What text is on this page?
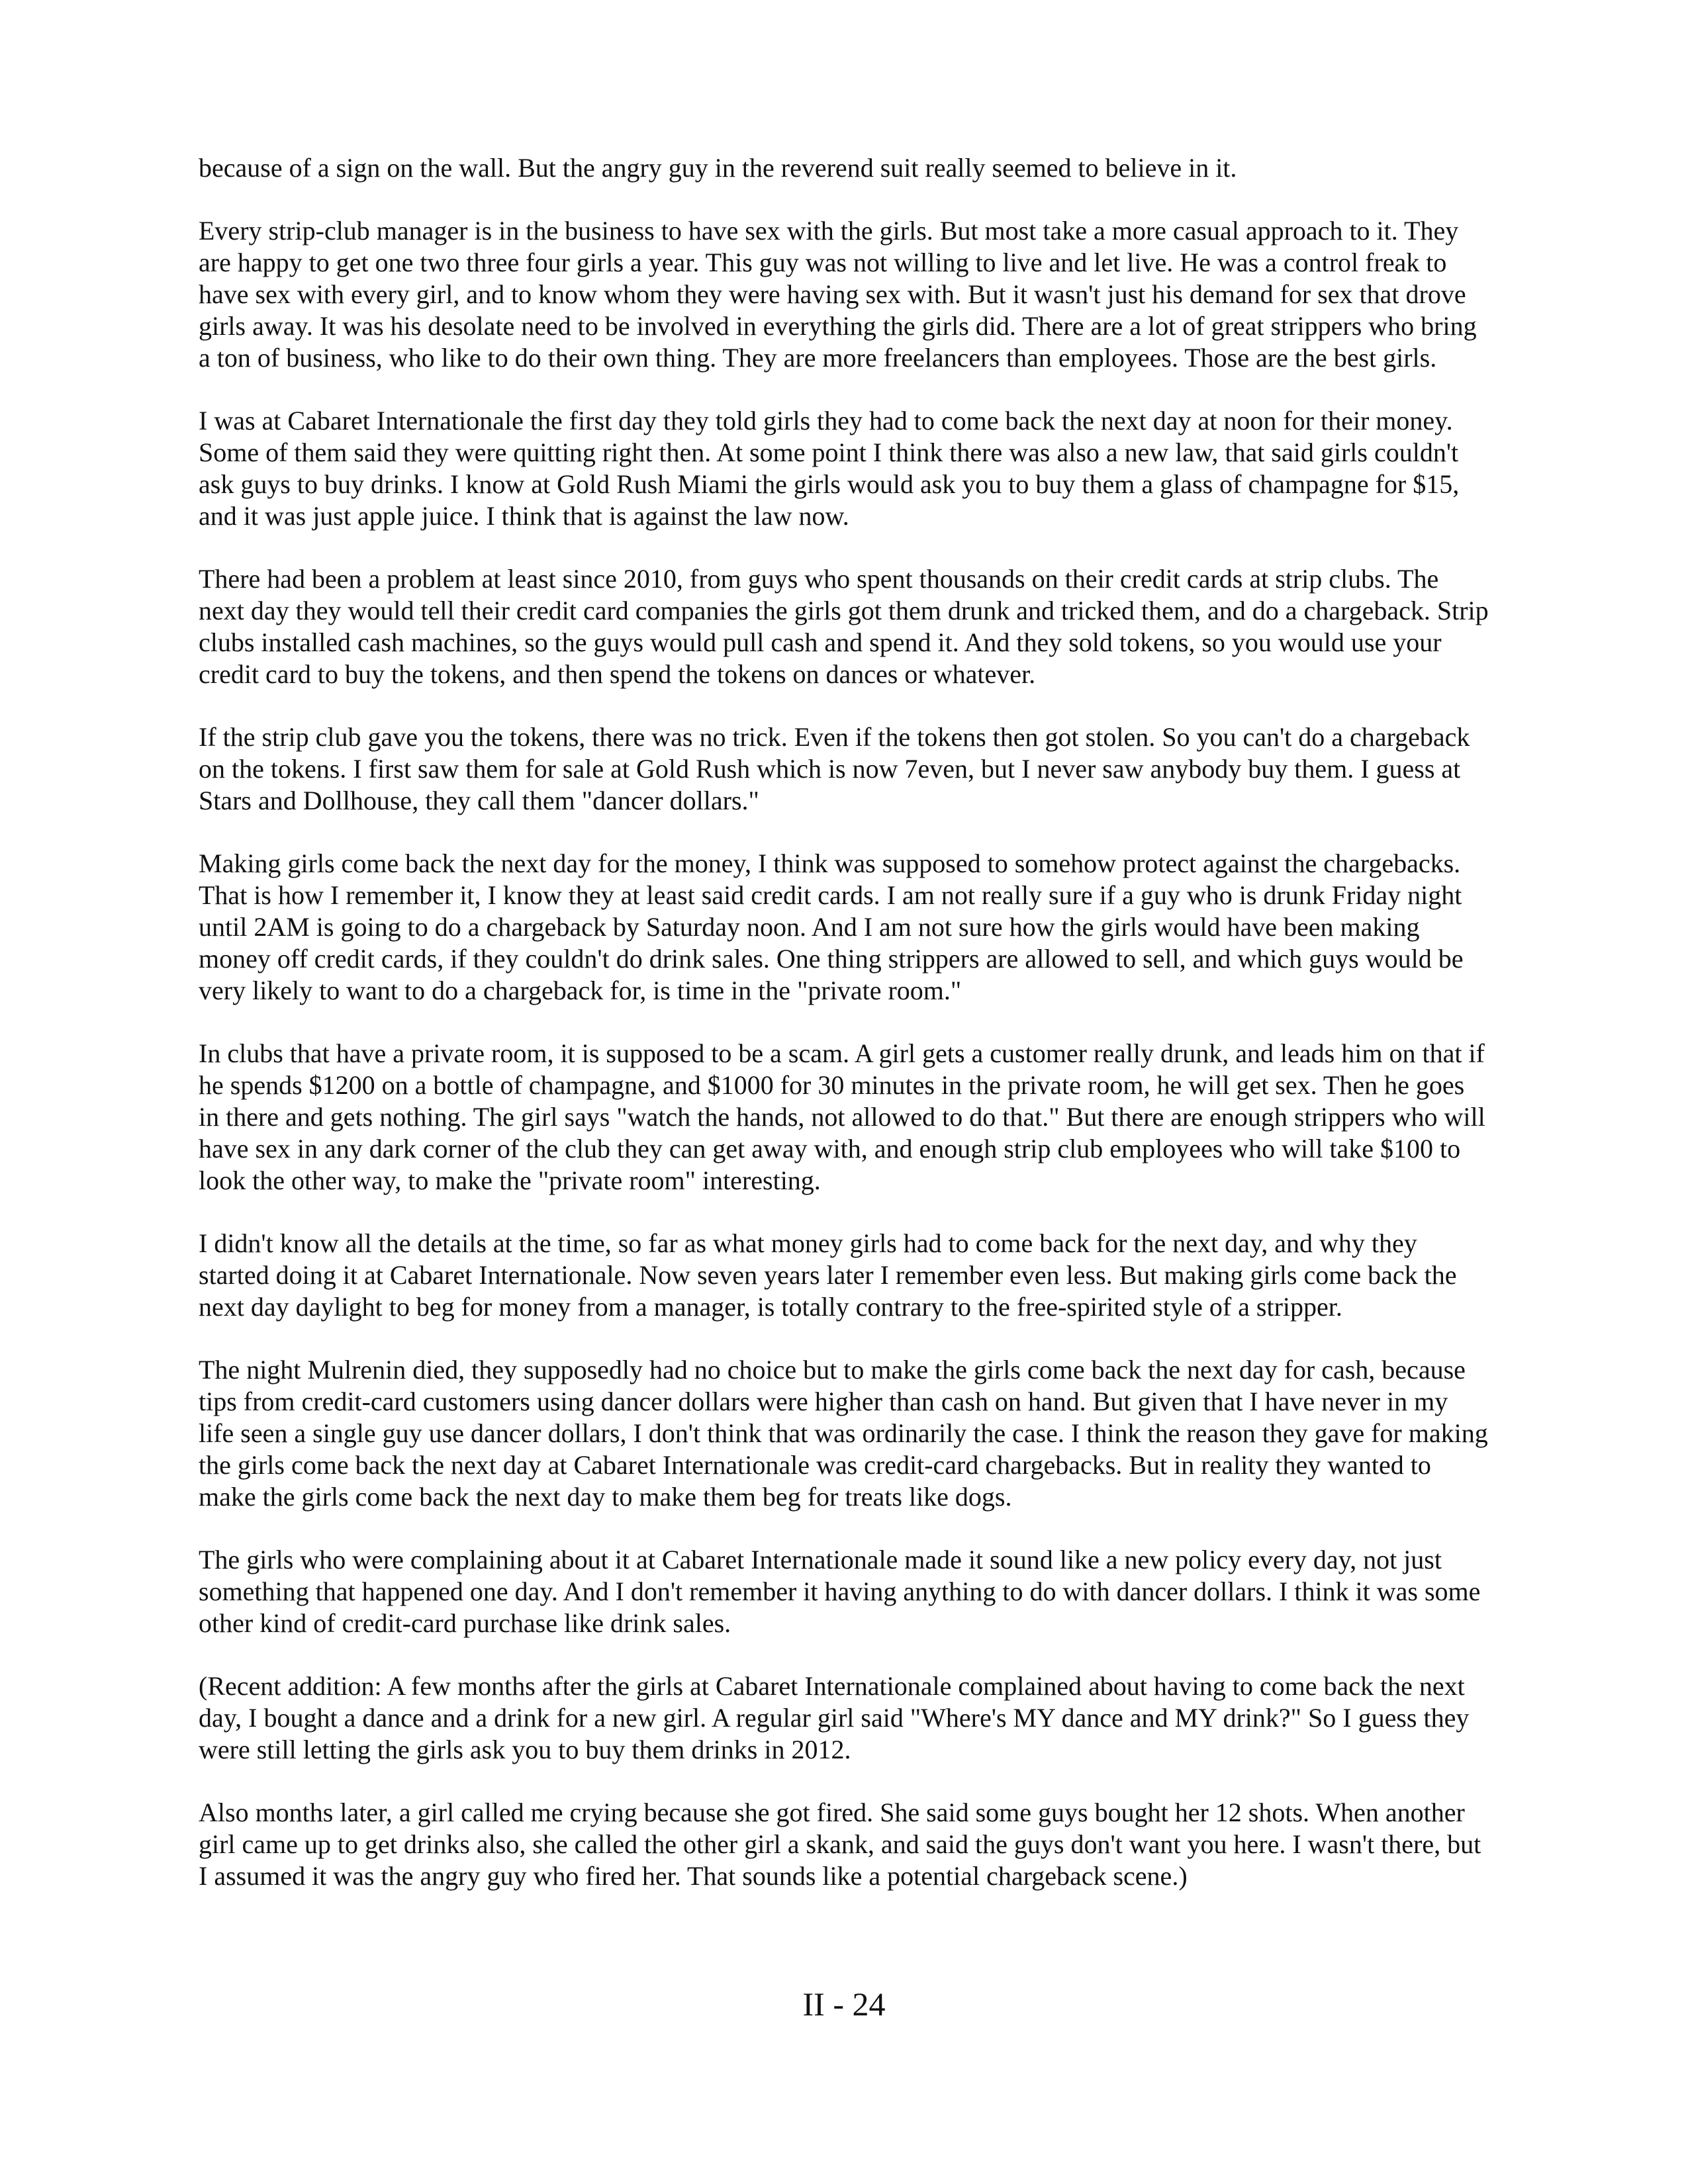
because of a sign on the wall. But the angry guy in the reverend suit really seemed to believe in it.

Every strip-club manager is in the business to have sex with the girls. But most take a more casual approach to it. They are happy to get one two three four girls a year. This guy was not willing to live and let live. He was a control freak to have sex with every girl, and to know whom they were having sex with. But it wasn't just his demand for sex that drove girls away. It was his desolate need to be involved in everything the girls did. There are a lot of great strippers who bring a ton of business, who like to do their own thing. They are more freelancers than employees. Those are the best girls.

I was at Cabaret Internationale the first day they told girls they had to come back the next day at noon for their money. Some of them said they were quitting right then. At some point I think there was also a new law, that said girls couldn't ask guys to buy drinks. I know at Gold Rush Miami the girls would ask you to buy them a glass of champagne for $15, and it was just apple juice. I think that is against the law now.

There had been a problem at least since 2010, from guys who spent thousands on their credit cards at strip clubs. The next day they would tell their credit card companies the girls got them drunk and tricked them, and do a chargeback. Strip clubs installed cash machines, so the guys would pull cash and spend it. And they sold tokens, so you would use your credit card to buy the tokens, and then spend the tokens on dances or whatever.

If the strip club gave you the tokens, there was no trick. Even if the tokens then got stolen. So you can't do a chargeback on the tokens. I first saw them for sale at Gold Rush which is now 7even, but I never saw anybody buy them. I guess at Stars and Dollhouse, they call them "dancer dollars."

Making girls come back the next day for the money, I think was supposed to somehow protect against the chargebacks. That is how I remember it, I know they at least said credit cards. I am not really sure if a guy who is drunk Friday night until 2AM is going to do a chargeback by Saturday noon. And I am not sure how the girls would have been making money off credit cards, if they couldn't do drink sales. One thing strippers are allowed to sell, and which guys would be very likely to want to do a chargeback for, is time in the "private room."

In clubs that have a private room, it is supposed to be a scam. A girl gets a customer really drunk, and leads him on that if he spends $1200 on a bottle of champagne, and $1000 for 30 minutes in the private room, he will get sex. Then he goes in there and gets nothing. The girl says "watch the hands, not allowed to do that." But there are enough strippers who will have sex in any dark corner of the club they can get away with, and enough strip club employees who will take $100 to look the other way, to make the "private room" interesting.

I didn't know all the details at the time, so far as what money girls had to come back for the next day, and why they started doing it at Cabaret Internationale. Now seven years later I remember even less. But making girls come back the next day daylight to beg for money from a manager, is totally contrary to the free-spirited style of a stripper.

The night Mulrenin died, they supposedly had no choice but to make the girls come back the next day for cash, because tips from credit-card customers using dancer dollars were higher than cash on hand. But given that I have never in my life seen a single guy use dancer dollars, I don't think that was ordinarily the case. I think the reason they gave for making the girls come back the next day at Cabaret Internationale was credit-card chargebacks. But in reality they wanted to make the girls come back the next day to make them beg for treats like dogs.

The girls who were complaining about it at Cabaret Internationale made it sound like a new policy every day, not just something that happened one day. And I don't remember it having anything to do with dancer dollars. I think it was some other kind of credit-card purchase like drink sales.

(Recent addition: A few months after the girls at Cabaret Internationale complained about having to come back the next day, I bought a dance and a drink for a new girl. A regular girl said "Where's MY dance and MY drink?" So I guess they were still letting the girls ask you to buy them drinks in 2012.

Also months later, a girl called me crying because she got fired. She said some guys bought her 12 shots. When another girl came up to get drinks also, she called the other girl a skank, and said the guys don't want you here. I wasn't there, but I assumed it was the angry guy who fired her. That sounds like a potential chargeback scene.)

II - 24
